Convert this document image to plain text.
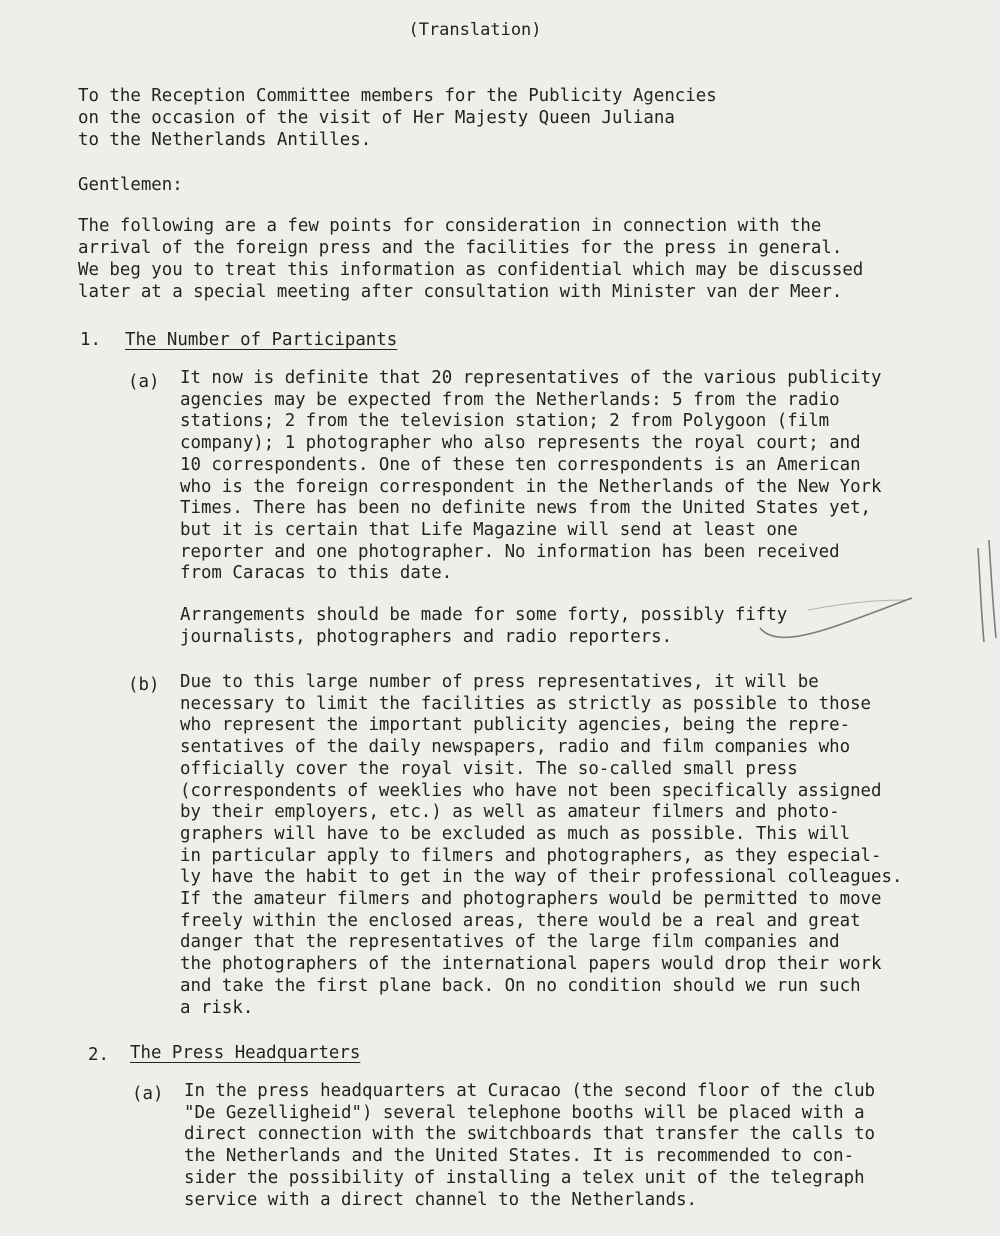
(Translation)
To the Reception Committee members for the Publicity Agencies
on the occasion of the visit of Her Majesty Queen Juliana
to the Netherlands Antilles.
Gentlemen:
The following are a few points for consideration in connection with the
arrival of the foreign press and the facilities for the press in general.
We beg you to treat this information as confidential which may be discussed
later at a special meeting after consultation with Minister van der Meer.
1. The Number of Participants
(a) It now is definite that 20 representatives of the various publicity
agencies may be expected from the Netherlands: 5 from the radio
stations; 2 from the television station; 2 from Polygoon (film
company); 1 photographer who also represents the royal court; and
10 correspondents. One of these ten correspondents is an American
who is the foreign correspondent in the Netherlands of the New York
Times. There has been no definite news from the United States yet,
but it is certain that Life Magazine will send at least one
reporter and one photographer. No information has been received
from Caracas to this date.
Arrangements should be made for some forty, possibly fifty
journalists, photographers and radio reporters.
(b) Due to this large number of press representatives, it will be
necessary to limit the facilities as strictly as possible to those
who represent the important publicity agencies, being the repre-
sentatives of the daily newspapers, radio and film companies who
officially cover the royal visit. The so-called small press
(correspondents of weeklies who have not been specifically assigned
by their employers, etc.) as well as amateur filmers and photo-
graphers will have to be excluded as much as possible. This will
in particular apply to filmers and photographers, as they especial-
ly have the habit to get in the way of their professional colleagues.
If the amateur filmers and photographers would be permitted to move
freely within the enclosed areas, there would be a real and great
danger that the representatives of the large film companies and
the photographers of the international papers would drop their work
and take the first plane back. On no condition should we run such
a risk.
2. The Press Headquarters
(a) In the press headquarters at Curacao (the second floor of the club
"De Gezelligheid") several telephone booths will be placed with a
direct connection with the switchboards that transfer the calls to
the Netherlands and the United States. It is recommended to con-
sider the possibility of installing a telex unit of the telegraph
service with a direct channel to the Netherlands.
